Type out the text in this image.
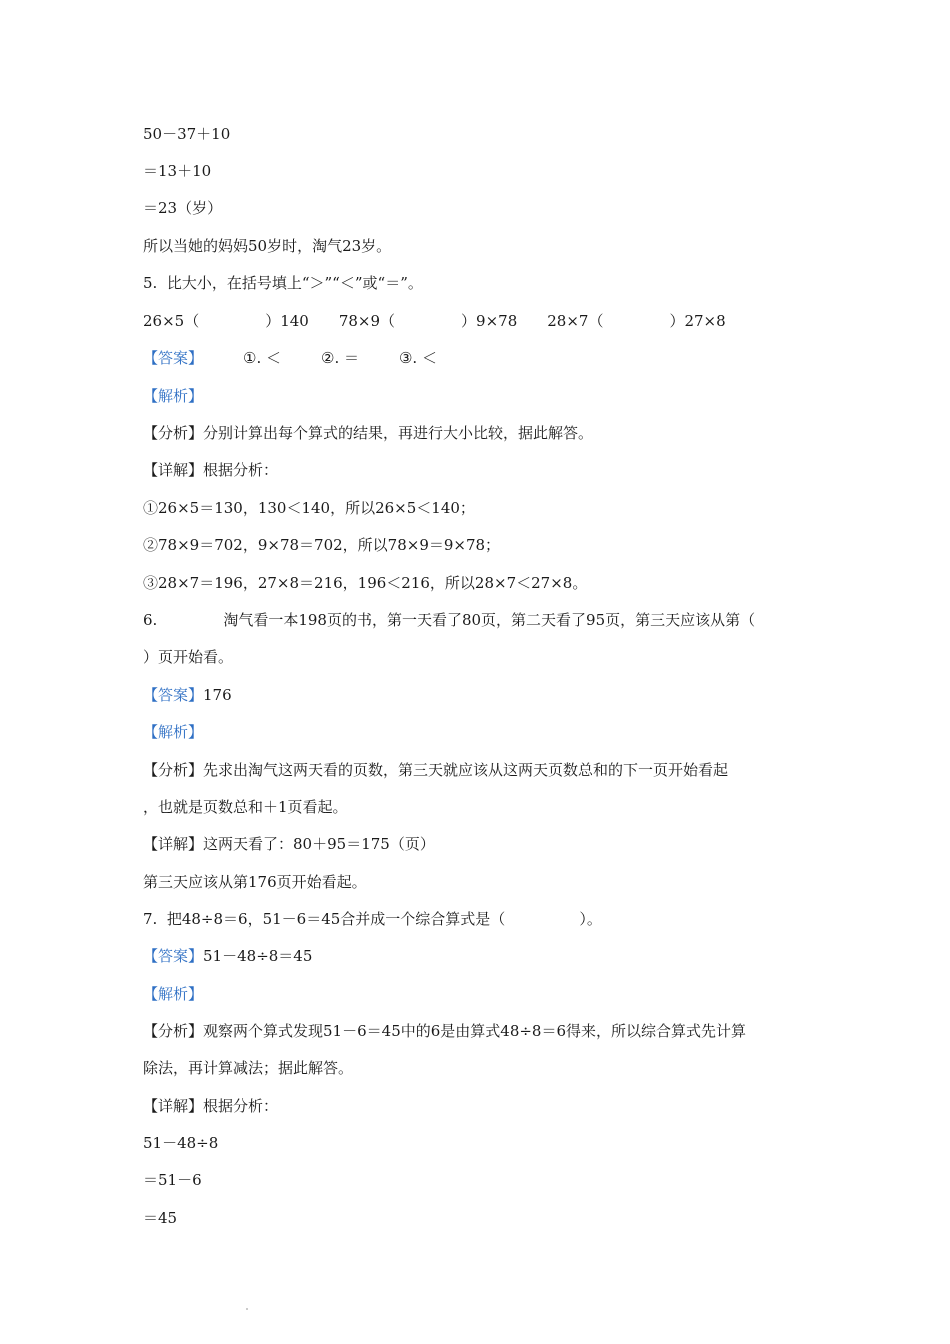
50－37＋10
＝13＋10
＝23（岁）
所以当她的妈妈50岁时，淘气23岁。
5.  比大小，在括号填上“＞”“＜”或“＝”。
26×5（	）140 78×9（	）9×78 28×7（	）27×8
【答案】	①. ＜	②. ＝	③. ＜
【解析】
【分析】分别计算出每个算式的结果，再进行大小比较，据此解答。
【详解】根据分析：
①26×5＝130，130＜140，所以26×5＜140；
②78×9＝702，9×78＝702，所以78×9＝9×78；
③28×7＝196，27×8＝216，196＜216，所以28×7＜27×8。
6.	淘气看一本198页的书，第一天看了80页，第二天看了95页，第三天应该从第（
）页开始看。
【答案】176
【解析】
【分析】先求出淘气这两天看的页数，第三天就应该从这两天页数总和的下一页开始看起
，也就是页数总和＋1页看起。
【详解】这两天看了：80＋95＝175（页）
第三天应该从第176页开始看起。
7.  把48÷8＝6，51－6＝45合并成一个综合算式是（	）。
【答案】51－48÷8＝45
【解析】
【分析】观察两个算式发现51－6＝45中的6是由算式48÷8＝6得来，所以综合算式先计算
除法，再计算减法；据此解答。
【详解】根据分析：
51－48÷8
＝51－6
＝45
